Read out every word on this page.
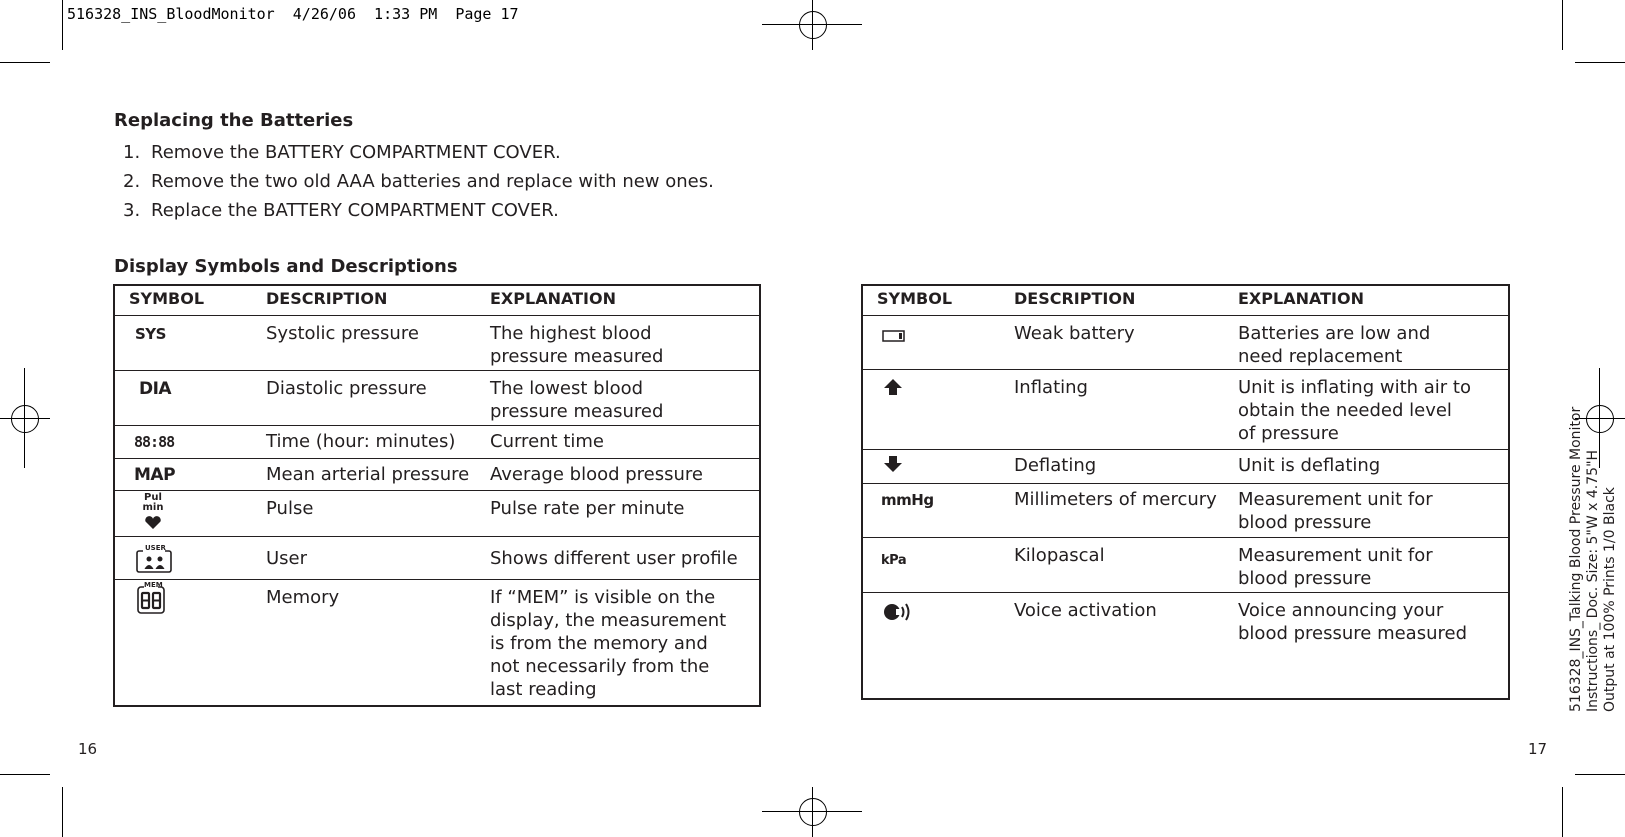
516328_INS_BloodMonitor  4/26/06  1:33 PM  Page 17
Replacing the Batteries
1. Remove the BATTERY COMPARTMENT COVER.
2. Remove the two old AAA batteries and replace with new ones.
3. Replace the BATTERY COMPARTMENT COVER.
Display Symbols and Descriptions
SYMBOL	DESCRIPTION	EXPLANATION
SYS	Systolic pressure	The highest blood
pressure measured
DIA	Diastolic pressure	The lowest blood
pressure measured
88:88	Time (hour: minutes)	Current time
MAP	Mean arterial pressure	Average blood pressure

Pul
min	Pulse	Pulse rate per minute

USER	User	Shows different user profile

MEM	Memory	If “MEM” is visible on the
display, the measurement
is from the memory and
not necessarily from the
last reading
SYMBOL	DESCRIPTION	EXPLANATION
	Weak battery	Batteries are low and
need replacement
	Inflating	Unit is inflating with air to
obtain the needed level
of pressure
	Deflating	Unit is deflating
mmHg	Millimeters of mercury	Measurement unit for
blood pressure
kPa	Kilopascal	Measurement unit for
blood pressure
	Voice activation	Voice announcing your
blood pressure measured
16	17
516328_INS_Talking Blood Pressure Monitor Instructions_ Doc. Size: 5"W x 4.75"H Output at 100% Prints 1/0 Black
